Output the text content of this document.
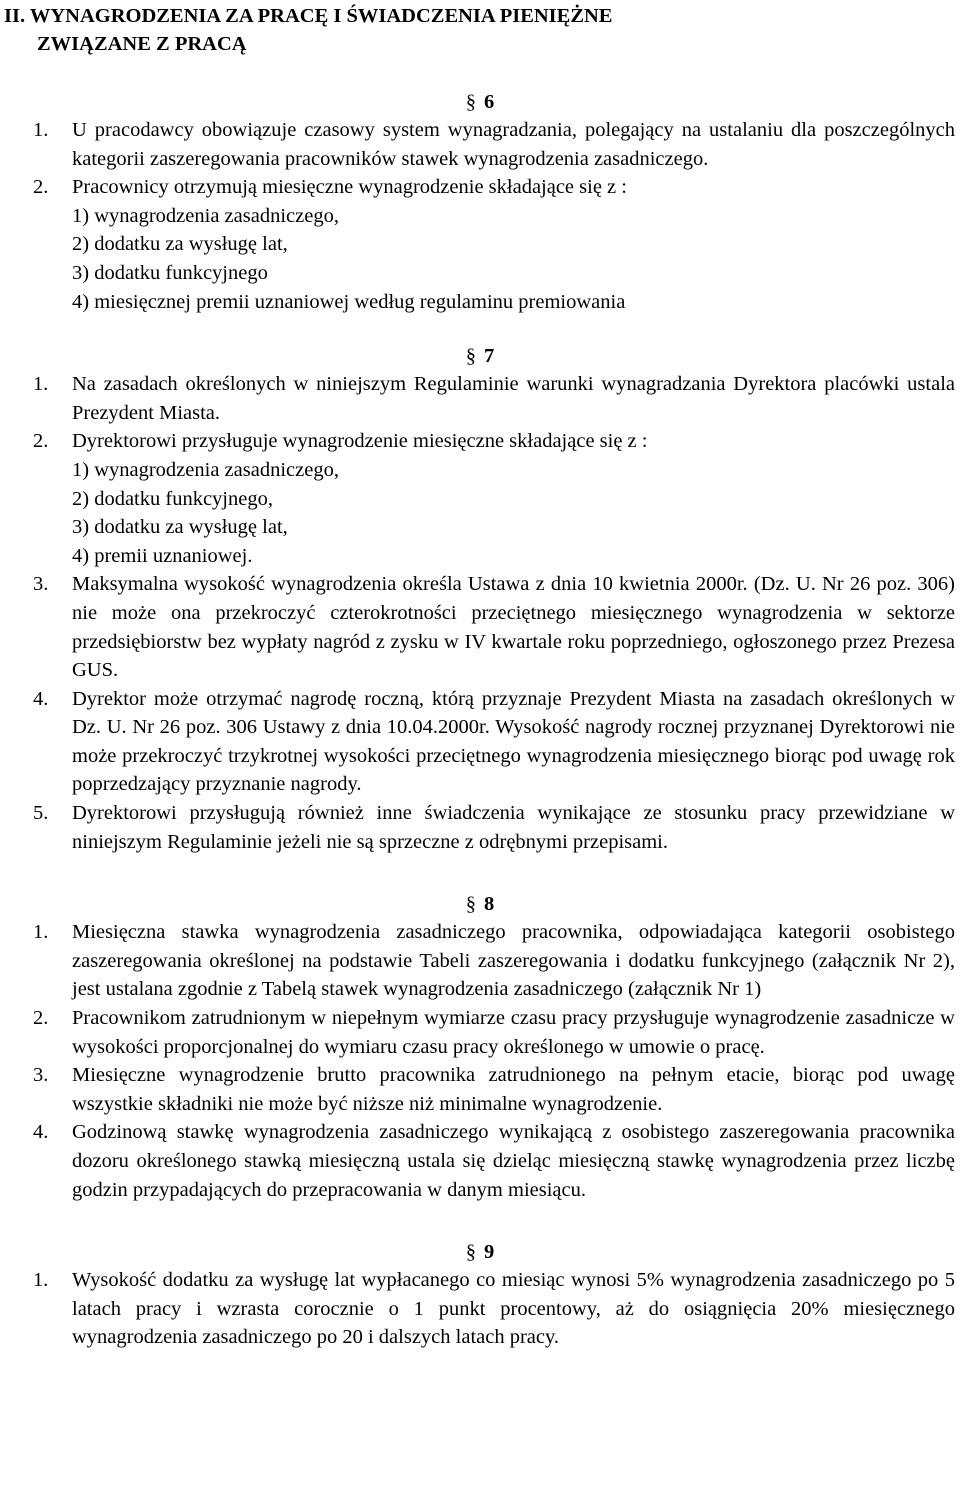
II. WYNAGRODZENIA ZA PRACĘ I ŚWIADCZENIA PIENIĘŻNE
ZWIĄZANE Z PRACĄ

§ 6

1. U pracodawcy obowiązuje czasowy system wynagradzania, polegający na ustalaniu dla poszczególnych kategorii zaszeregowania pracowników stawek wynagrodzenia zasadniczego.
2. Pracownicy otrzymują miesięczne wynagrodzenie składające się z :
1) wynagrodzenia zasadniczego,
2) dodatku za wysługę lat,
3) dodatku funkcyjnego
4) miesięcznej premii uznaniowej według regulaminu premiowania

§ 7

1. Na zasadach określonych w niniejszym Regulaminie warunki wynagradzania Dyrektora placówki ustala Prezydent Miasta.
2. Dyrektorowi przysługuje wynagrodzenie miesięczne składające się z :
1) wynagrodzenia zasadniczego,
2) dodatku funkcyjnego,
3) dodatku za wysługę lat,
4) premii uznaniowej.
3. Maksymalna wysokość wynagrodzenia określa Ustawa z dnia 10 kwietnia 2000r. (Dz. U. Nr 26 poz. 306) nie może ona przekroczyć czterokrotności przeciętnego miesięcznego wynagrodzenia w sektorze przedsiębiorstw bez wypłaty nagród z zysku w IV kwartale roku poprzedniego, ogłoszonego przez Prezesa GUS.
4. Dyrektor może otrzymać nagrodę roczną, którą przyznaje Prezydent Miasta na zasadach określonych w Dz. U. Nr 26 poz. 306 Ustawy z dnia 10.04.2000r. Wysokość nagrody rocznej przyznanej Dyrektorowi nie może przekroczyć trzykrotnej wysokości przeciętnego wynagrodzenia miesięcznego biorąc pod uwagę rok poprzedzający przyznanie nagrody.
5. Dyrektorowi przysługują również inne świadczenia wynikające ze stosunku pracy przewidziane w niniejszym Regulaminie jeżeli nie są sprzeczne z odrębnymi przepisami.

§ 8

1. Miesięczna stawka wynagrodzenia zasadniczego pracownika, odpowiadająca kategorii osobistego zaszeregowania określonej na podstawie Tabeli zaszeregowania i dodatku funkcyjnego (załącznik Nr 2), jest ustalana zgodnie z Tabelą stawek wynagrodzenia zasadniczego (załącznik Nr 1)
2. Pracownikom zatrudnionym w niepełnym wymiarze czasu pracy przysługuje wynagrodzenie zasadnicze w wysokości proporcjonalnej do wymiaru czasu pracy określonego w umowie o pracę.
3. Miesięczne wynagrodzenie brutto pracownika zatrudnionego na pełnym etacie, biorąc pod uwagę wszystkie składniki nie może być niższe niż minimalne wynagrodzenie.
4. Godzinową stawkę wynagrodzenia zasadniczego wynikającą z osobistego zaszeregowania pracownika dozoru określonego stawką miesięczną ustala się dzieląc miesięczną stawkę wynagrodzenia przez liczbę godzin przypadających do przepracowania w danym miesiącu.

§ 9

1. Wysokość dodatku za wysługę lat wypłacanego co miesiąc wynosi 5% wynagrodzenia zasadniczego po 5 latach pracy i wzrasta corocznie o 1 punkt procentowy, aż do osiągnięcia 20% miesięcznego wynagrodzenia zasadniczego po 20 i dalszych latach pracy.
